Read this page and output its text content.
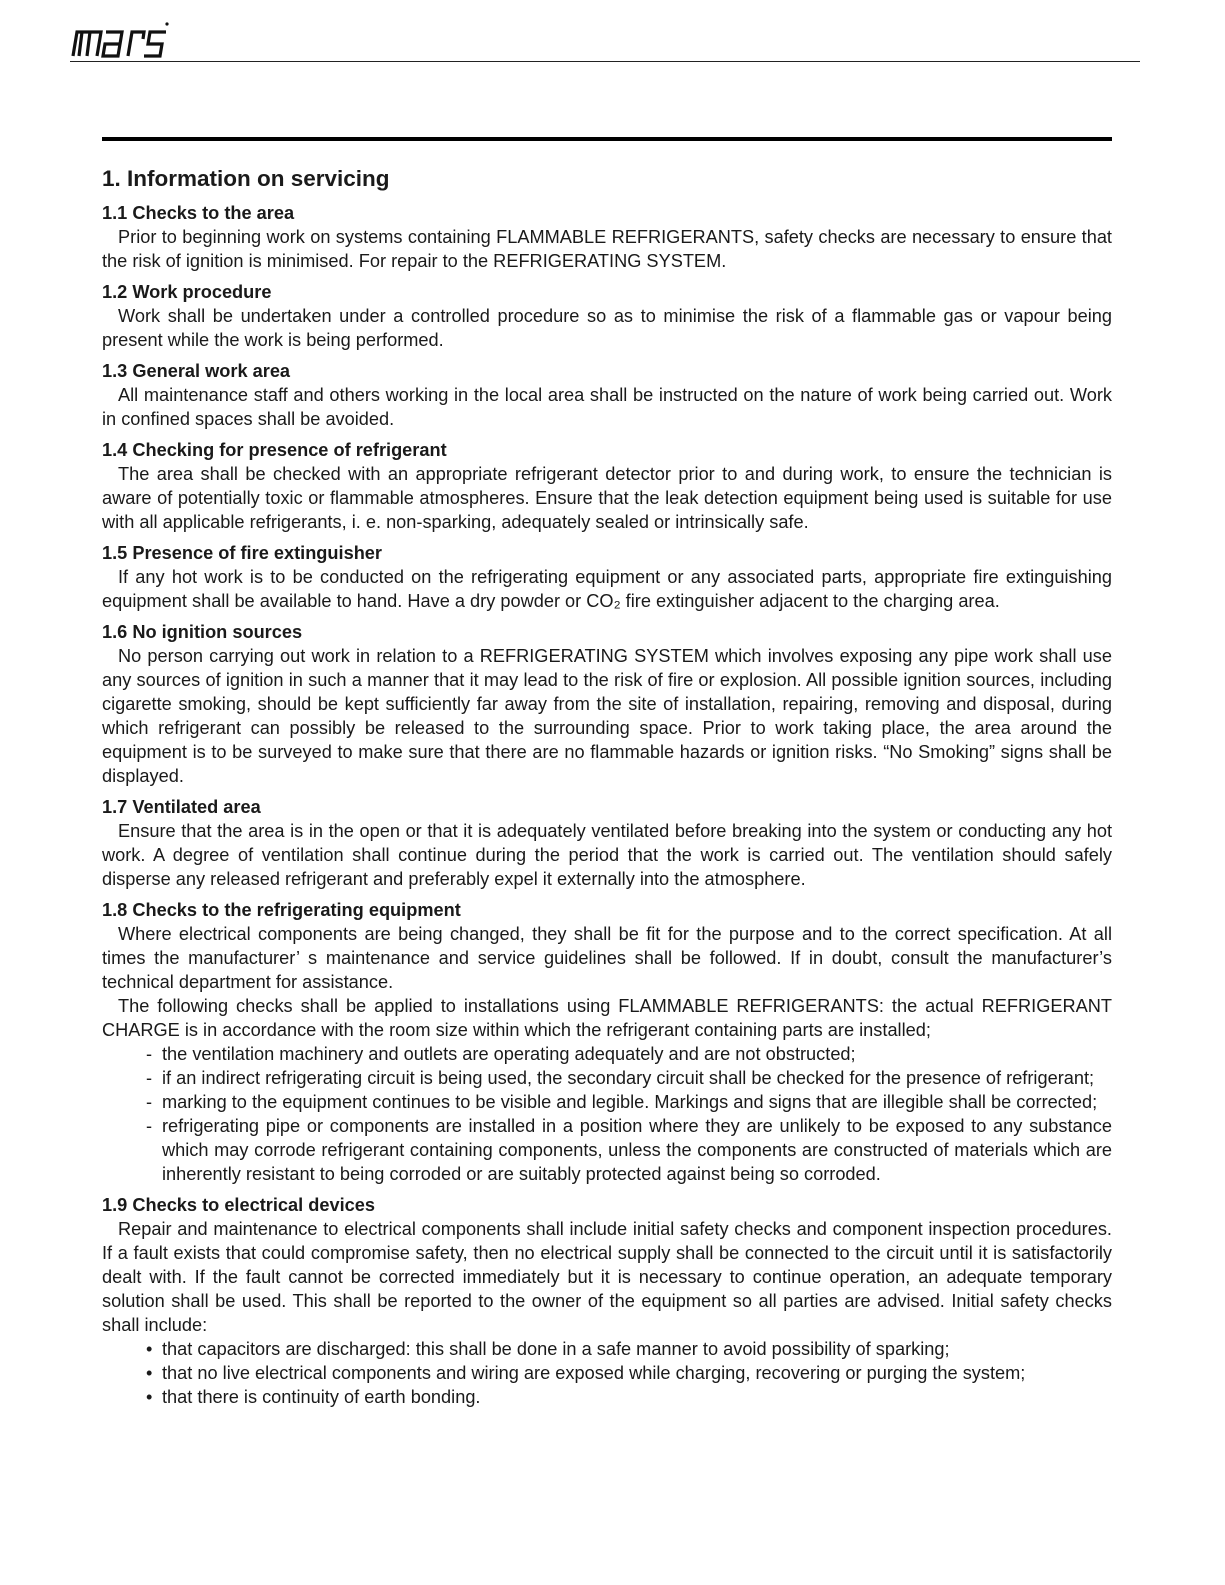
1. Information on servicing
1.1 Checks to the area

Prior to beginning work on systems containing FLAMMABLE REFRIGERANTS, safety checks are necessary to ensure that the risk of ignition is minimised. For repair to the REFRIGERATING SYSTEM.

1.2 Work procedure

Work shall be undertaken under a controlled procedure so as to minimise the risk of a flammable gas or vapour being present while the work is being performed.

1.3 General work area

All maintenance staff and others working in the local area shall be instructed on the nature of work being carried out. Work in confined spaces shall be avoided.

1.4 Checking for presence of refrigerant

The area shall be checked with an appropriate refrigerant detector prior to and during work, to ensure the technician is aware of potentially toxic or flammable atmospheres. Ensure that the leak detection equipment being used is suitable for use with all applicable refrigerants, i. e. non-sparking, adequately sealed or intrinsically safe.

1.5 Presence of fire extinguisher

If any hot work is to be conducted on the refrigerating equipment or any associated parts, appropriate fire extinguishing equipment shall be available to hand. Have a dry powder or CO₂ fire extinguisher adjacent to the charging area.

1.6 No ignition sources

No person carrying out work in relation to a REFRIGERATING SYSTEM which involves exposing any pipe work shall use any sources of ignition in such a manner that it may lead to the risk of fire or explosion. All possible ignition sources, including cigarette smoking, should be kept sufficiently far away from the site of installation, repairing, removing and disposal, during which refrigerant can possibly be released to the surrounding space. Prior to work taking place, the area around the equipment is to be surveyed to make sure that there are no flammable hazards or ignition risks. “No Smoking” signs shall be displayed.

1.7 Ventilated area

Ensure that the area is in the open or that it is adequately ventilated before breaking into the system or conducting any hot work. A degree of ventilation shall continue during the period that the work is carried out. The ventilation should safely disperse any released refrigerant and preferably expel it externally into the atmosphere.

1.8 Checks to the refrigerating equipment

Where electrical components are being changed, they shall be fit for the purpose and to the correct specification. At all times the manufacturer’ s maintenance and service guidelines shall be followed. If in doubt, consult the manufacturer’s technical department for assistance.

The following checks shall be applied to installations using FLAMMABLE REFRIGERANTS: the actual REFRIGERANT CHARGE is in accordance with the room size within which the refrigerant containing parts are installed;

- the ventilation machinery and outlets are operating adequately and are not obstructed;
- if an indirect refrigerating circuit is being used, the secondary circuit shall be checked for the presence of refrigerant;
- marking to the equipment continues to be visible and legible. Markings and signs that are illegible shall be corrected;
- refrigerating pipe or components are installed in a position where they are unlikely to be exposed to any substance which may corrode refrigerant containing components, unless the components are constructed of materials which are inherently resistant to being corroded or are suitably protected against being so corroded.
1.9 Checks to electrical devices

Repair and maintenance to electrical components shall include initial safety checks and component inspection procedures. If a fault exists that could compromise safety, then no electrical supply shall be connected to the circuit until it is satisfactorily dealt with. If the fault cannot be corrected immediately but it is necessary to continue operation, an adequate temporary solution shall be used. This shall be reported to the owner of the equipment so all parties are advised. Initial safety checks shall include:

• that capacitors are discharged: this shall be done in a safe manner to avoid possibility of sparking;
• that no live electrical components and wiring are exposed while charging, recovering or purging the system;
• that there is continuity of earth bonding.
